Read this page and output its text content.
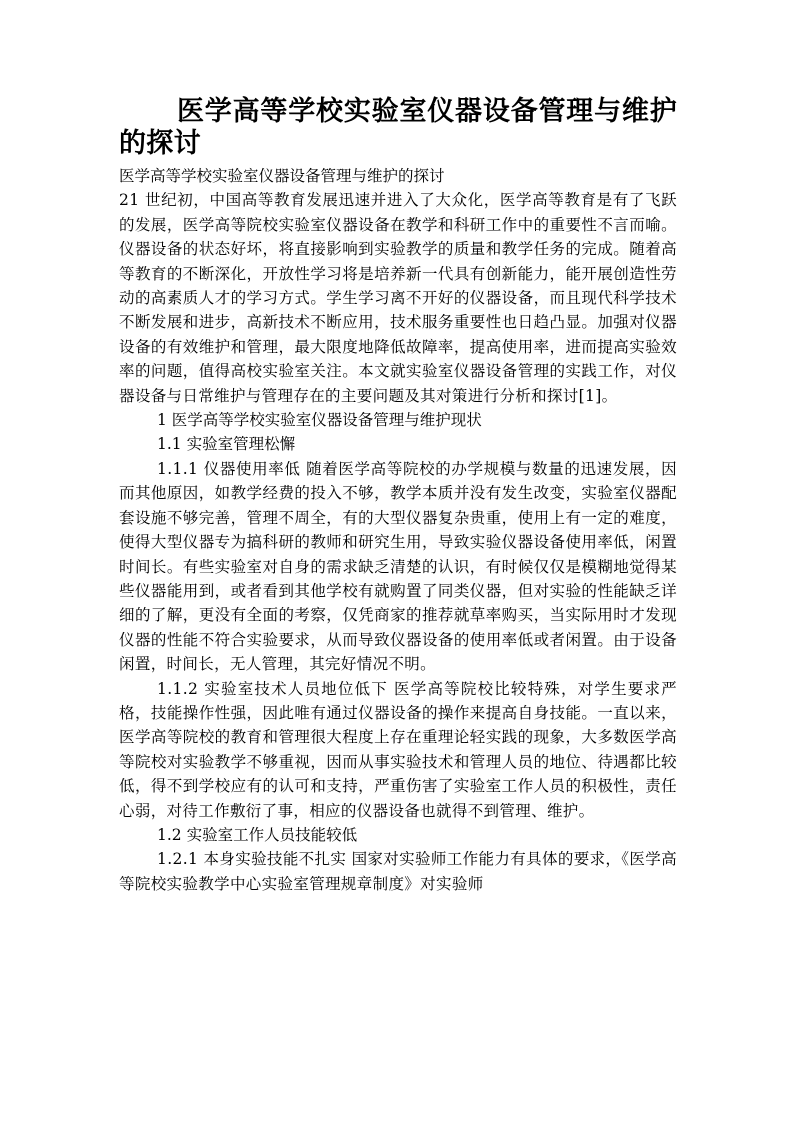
医学高等学校实验室仪器设备管理与维护的探讨

医学高等学校实验室仪器设备管理与维护的探讨

21 世纪初，中国高等教育发展迅速并进入了大众化，医学高等教育是有了飞跃的发展，医学高等院校实验室仪器设备在教学和科研工作中的重要性不言而喻。仪器设备的状态好坏，将直接影响到实验教学的质量和教学任务的完成。随着高等教育的不断深化，开放性学习将是培养新一代具有创新能力，能开展创造性劳动的高素质人才的学习方式。学生学习离不开好的仪器设备，而且现代科学技术不断发展和进步，高新技术不断应用，技术服务重要性也日趋凸显。加强对仪器设备的有效维护和管理，最大限度地降低故障率，提高使用率，进而提高实验效率的问题，值得高校实验室关注。本文就实验室仪器设备管理的实践工作，对仪器设备与日常维护与管理存在的主要问题及其对策进行分析和探讨[1]。

1 医学高等学校实验室仪器设备管理与维护现状

1.1 实验室管理松懈

1.1.1 仪器使用率低 随着医学高等院校的办学规模与数量的迅速发展，因而其他原因，如教学经费的投入不够，教学本质并没有发生改变，实验室仪器配套设施不够完善，管理不周全，有的大型仪器复杂贵重，使用上有一定的难度，使得大型仪器专为搞科研的教师和研究生用，导致实验仪器设备使用率低，闲置时间长。有些实验室对自身的需求缺乏清楚的认识，有时候仅仅是模糊地觉得某些仪器能用到，或者看到其他学校有就购置了同类仪器，但对实验的性能缺乏详细的了解，更没有全面的考察，仅凭商家的推荐就草率购买，当实际用时才发现仪器的性能不符合实验要求，从而导致仪器设备的使用率低或者闲置。由于设备闲置，时间长，无人管理，其完好情况不明。

1.1.2 实验室技术人员地位低下 医学高等院校比较特殊，对学生要求严格，技能操作性强，因此唯有通过仪器设备的操作来提高自身技能。一直以来，医学高等院校的教育和管理很大程度上存在重理论轻实践的现象，大多数医学高等院校对实验教学不够重视，因而从事实验技术和管理人员的地位、待遇都比较低，得不到学校应有的认可和支持，严重伤害了实验室工作人员的积极性，责任心弱，对待工作敷衍了事，相应的仪器设备也就得不到管理、维护。

1.2 实验室工作人员技能较低

1.2.1 本身实验技能不扎实 国家对实验师工作能力有具体的要求，《医学高等院校实验教学中心实验室管理规章制度》对实验师
